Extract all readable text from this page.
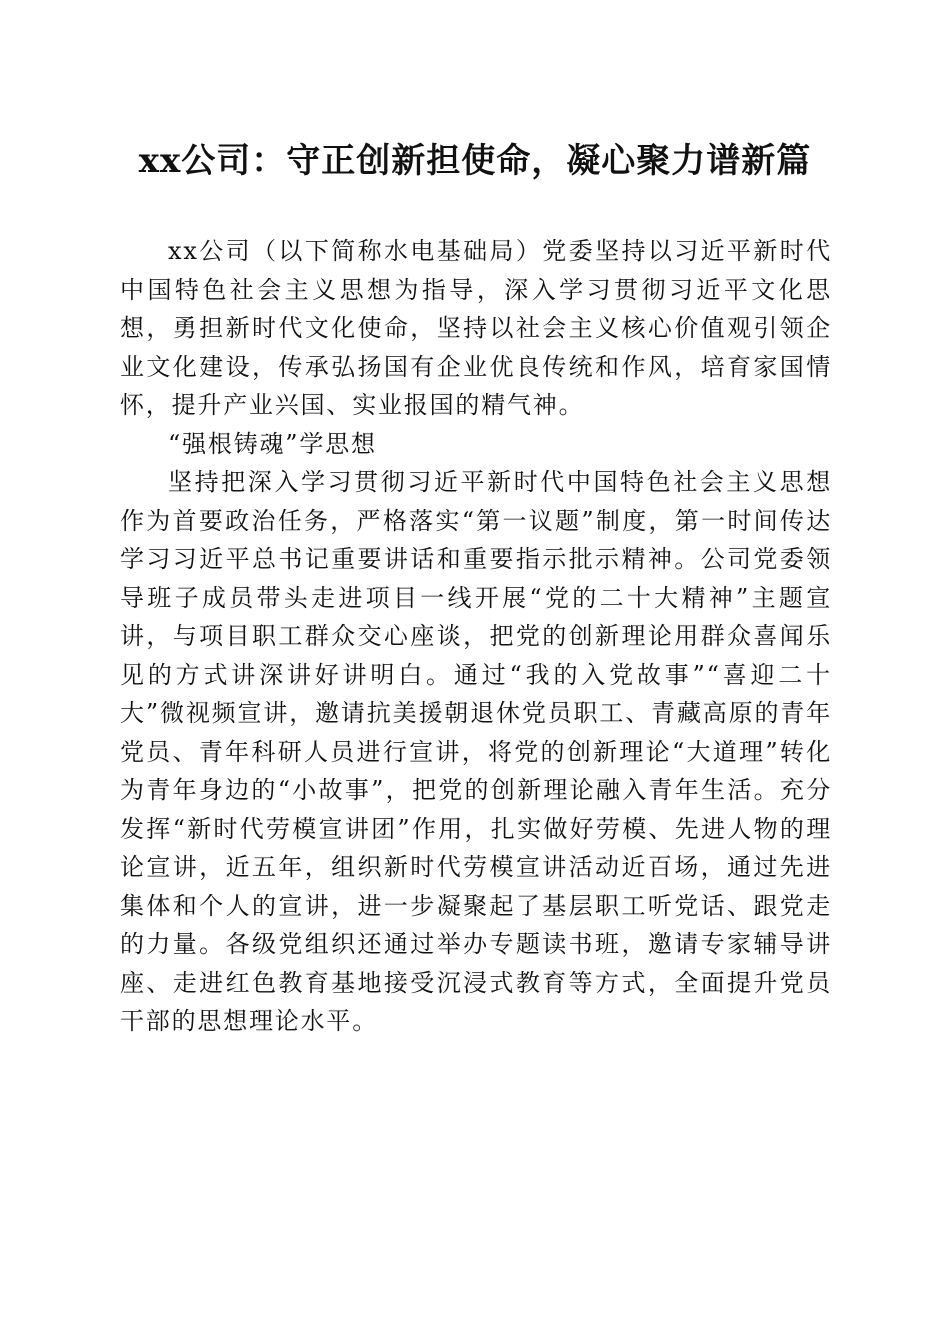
xx公司：守正创新担使命，凝心聚力谱新篇

xx公司（以下简称水电基础局）党委坚持以习近平新时代中国特色社会主义思想为指导，深入学习贯彻习近平文化思想，勇担新时代文化使命，坚持以社会主义核心价值观引领企业文化建设，传承弘扬国有企业优良传统和作风，培育家国情怀，提升产业兴国、实业报国的精气神。

“强根铸魂”学思想

坚持把深入学习贯彻习近平新时代中国特色社会主义思想作为首要政治任务，严格落实“第一议题”制度，第一时间传达学习习近平总书记重要讲话和重要指示批示精神。公司党委领导班子成员带头走进项目一线开展“党的二十大精神”主题宣讲，与项目职工群众交心座谈，把党的创新理论用群众喜闻乐见的方式讲深讲好讲明白。通过“我的入党故事”“喜迎二十大”微视频宣讲，邀请抗美援朝退休党员职工、青藏高原的青年党员、青年科研人员进行宣讲，将党的创新理论“大道理”转化为青年身边的“小故事”，把党的创新理论融入青年生活。充分发挥“新时代劳模宣讲团”作用，扎实做好劳模、先进人物的理论宣讲，近五年，组织新时代劳模宣讲活动近百场，通过先进集体和个人的宣讲，进一步凝聚起了基层职工听党话、跟党走的力量。各级党组织还通过举办专题读书班，邀请专家辅导讲座、走进红色教育基地接受沉浸式教育等方式，全面提升党员干部的思想理论水平。
